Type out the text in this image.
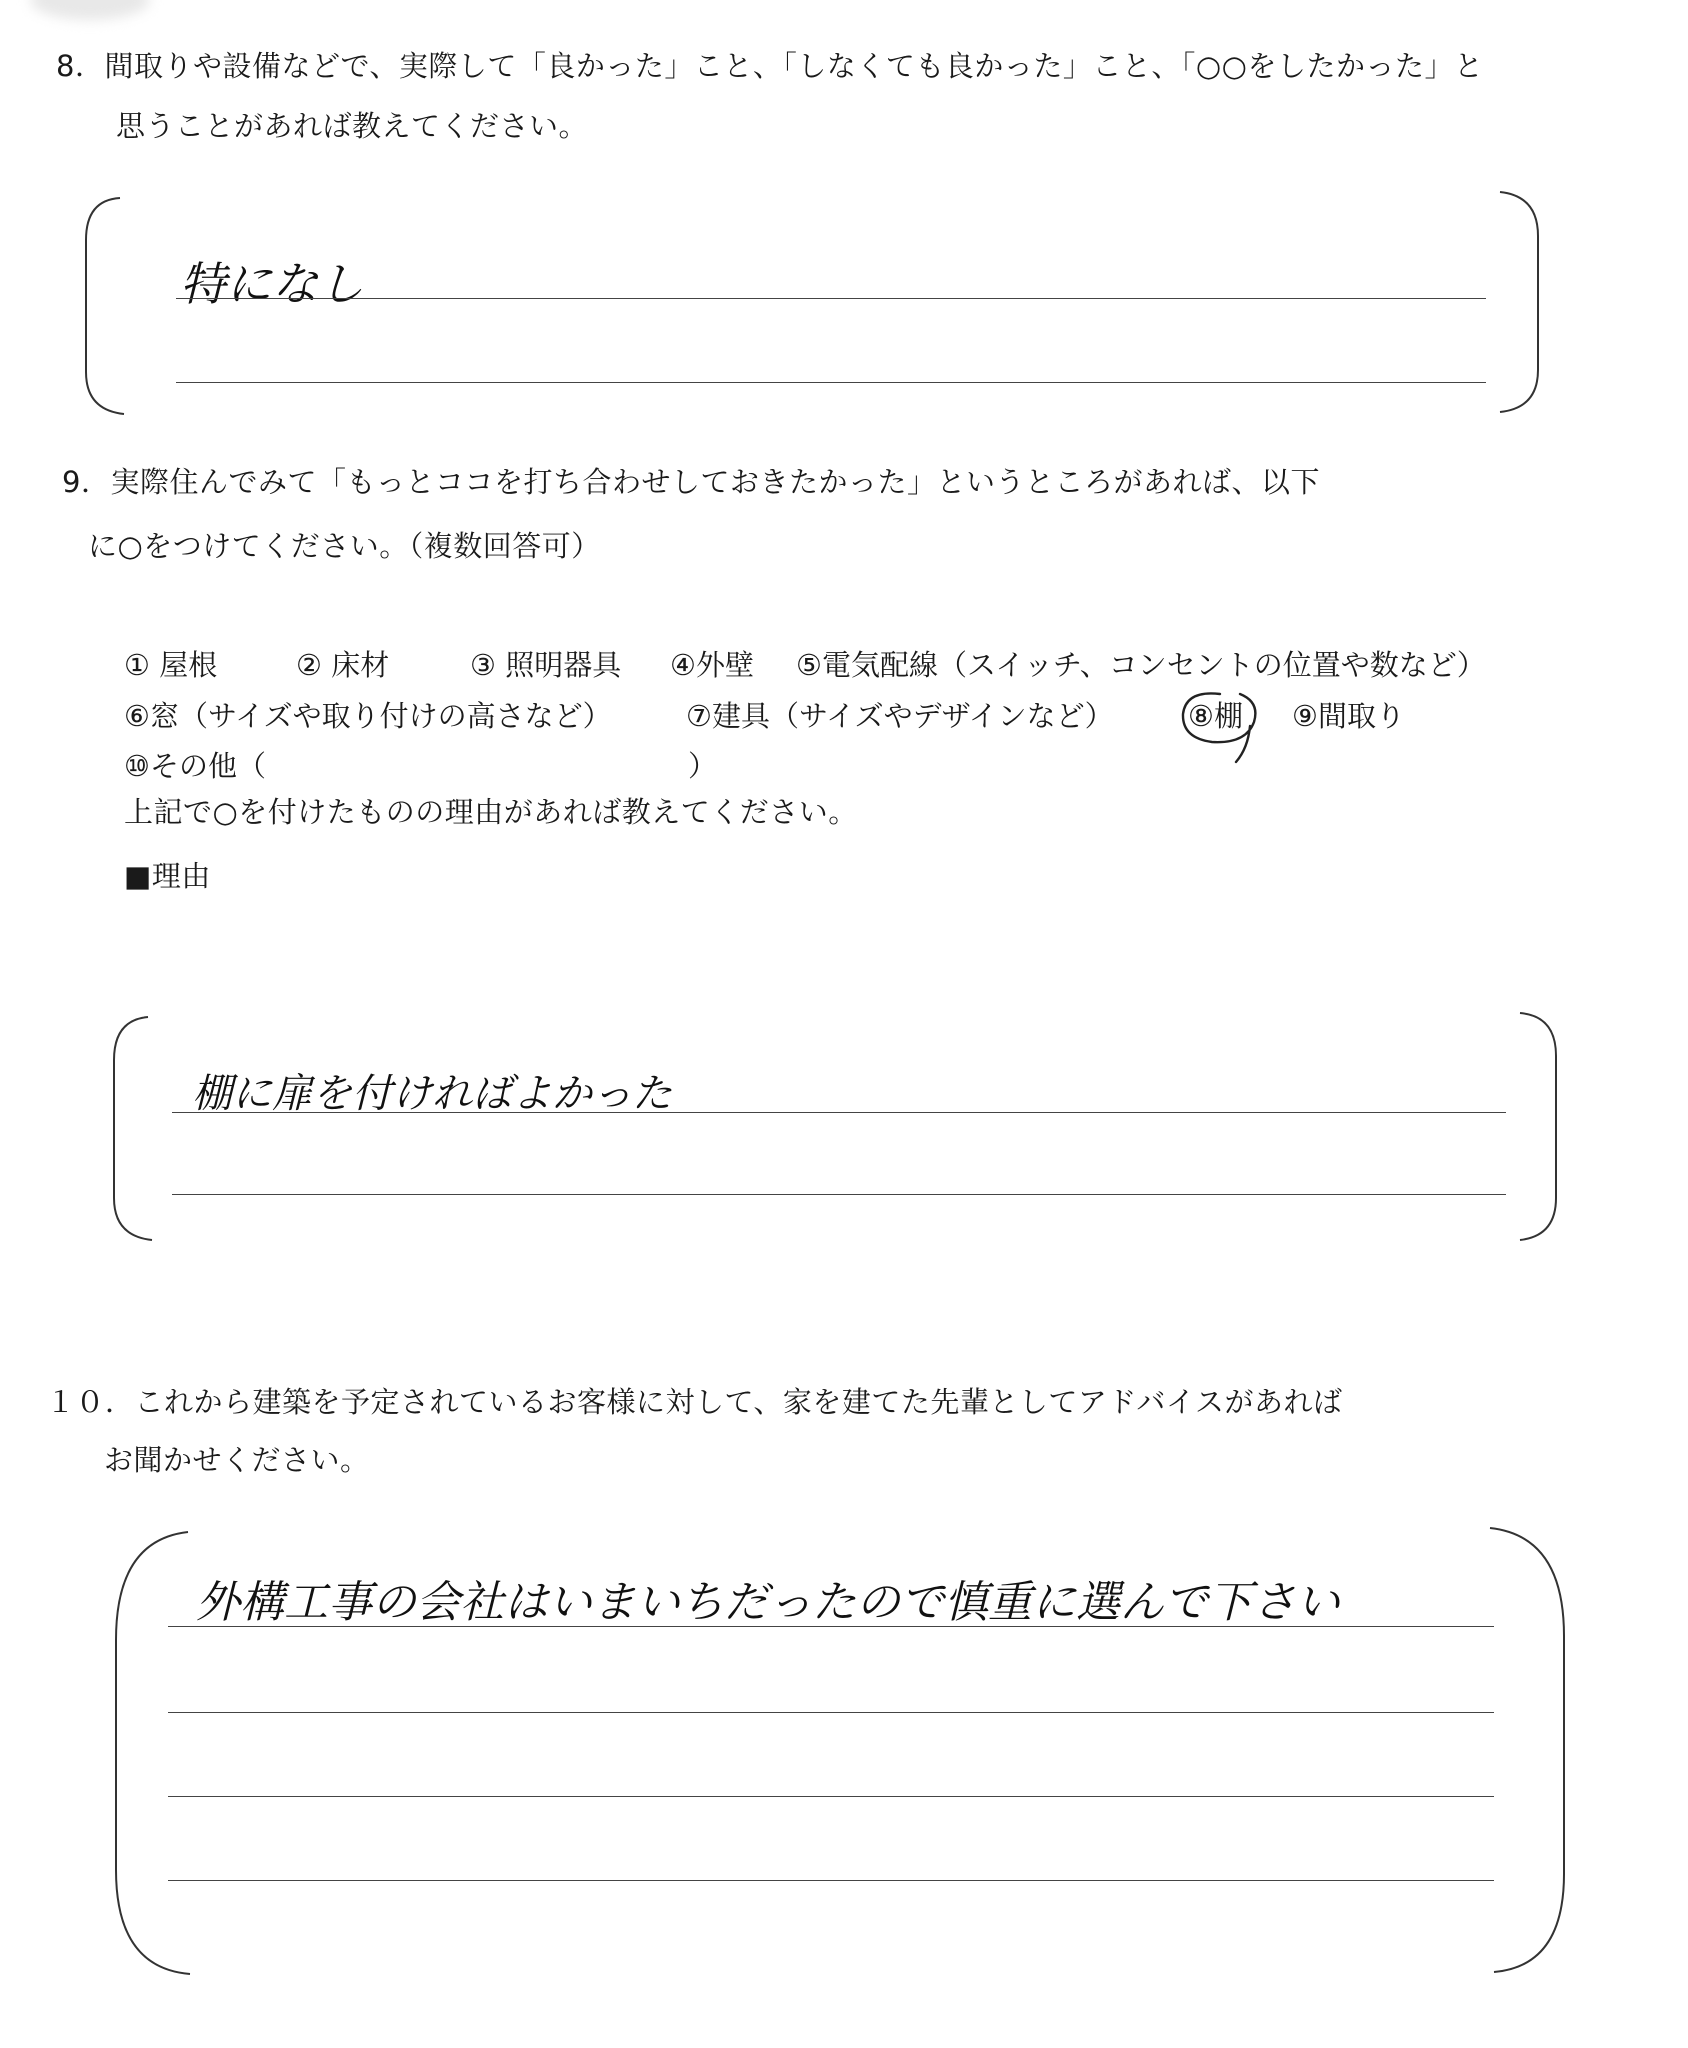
8．間取りや設備などで、実際して「良かった」こと、「しなくても良かった」こと、「○○をしたかった」と
思うことがあれば教えてください。
特になし
9．実際住んでみて「もっとココを打ち合わせしておきたかった」というところがあれば、以下
に○をつけてください。（複数回答可）
① 屋根	② 床材	③ 照明器具 ④外壁 ⑤電気配線（スイッチ、コンセントの位置や数など）
⑥窓（サイズや取り付けの高さなど）	⑦建具（サイズやデザインなど）	⑧棚 ⑨間取り
⑩その他（	）
上記で○を付けたものの理由があれば教えてください。
■理由
棚に扉を付ければよかった
１０．これから建築を予定されているお客様に対して、家を建てた先輩としてアドバイスがあれば
お聞かせください。
外構工事の会社はいまいちだったので慎重に選んで下さい
